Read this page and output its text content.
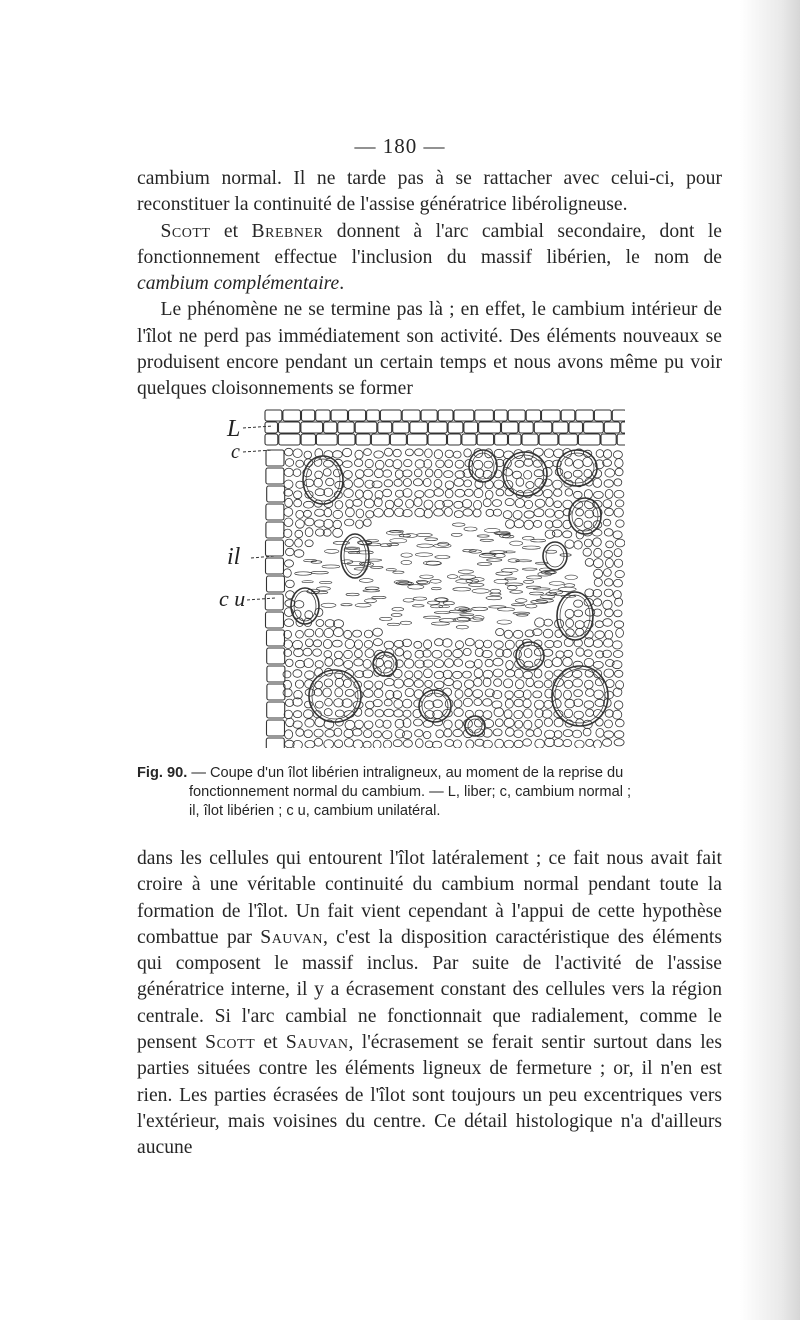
— 180 —

cambium normal. Il ne tarde pas à se rattacher avec celui-ci, pour reconstituer la continuité de l'assise génératrice libéroligneuse.

Scott et Brebner donnent à l'arc cambial secondaire, dont le fonctionnement effectue l'inclusion du massif libérien, le nom de cambium complémentaire.

Le phénomène ne se termine pas là ; en effet, le cambium intérieur de l'îlot ne perd pas immédiatement son activité. Des éléments nouveaux se produisent encore pendant un certain temps et nous avons même pu voir quelques cloisonnements se former

L
c
il
c u
Fig. 90. — Coupe d'un îlot libérien intraligneux, au moment de la reprise du
fonctionnement normal du cambium. — L, liber; c, cambium normal ;
il, îlot libérien ; c u, cambium unilatéral.

dans les cellules qui entourent l'îlot latéralement ; ce fait nous avait fait croire à une véritable continuité du cambium normal pendant toute la formation de l'îlot. Un fait vient cependant à l'appui de cette hypothèse combattue par Sauvan, c'est la disposition caractéristique des éléments qui composent le massif inclus. Par suite de l'activité de l'assise génératrice interne, il y a écrasement constant des cellules vers la région centrale. Si l'arc cambial ne fonctionnait que radialement, comme le pensent Scott et Sauvan, l'écrasement se ferait sentir surtout dans les parties situées contre les éléments ligneux de fermeture ; or, il n'en est rien. Les parties écrasées de l'îlot sont toujours un peu excentriques vers l'extérieur, mais voisines du centre. Ce détail histologique n'a d'ailleurs aucune
